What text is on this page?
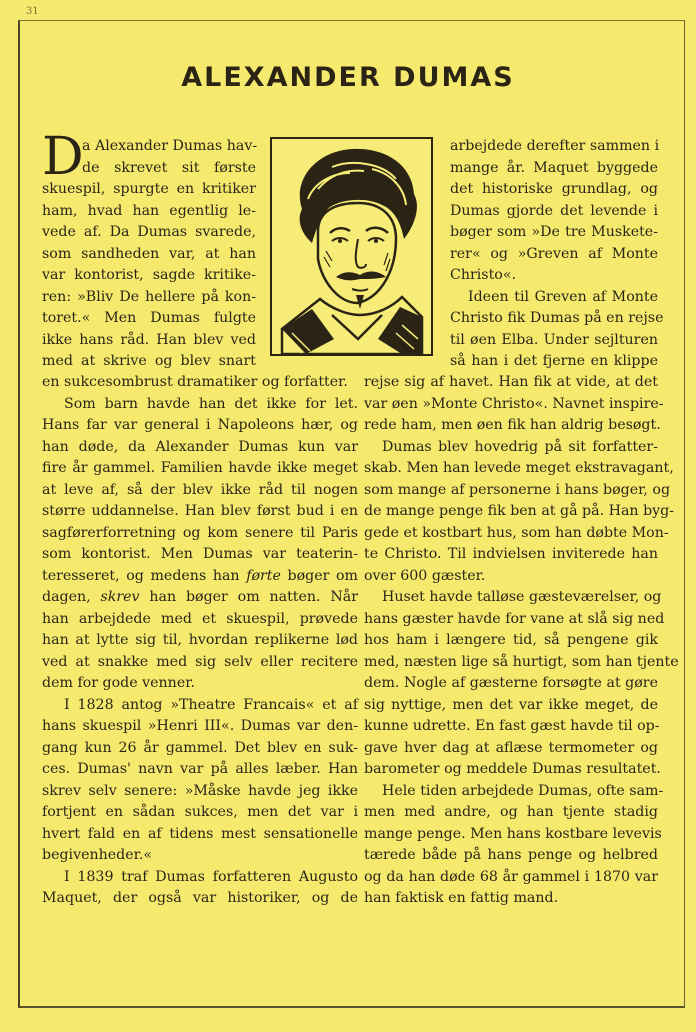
31
ALEXANDER DUMAS
D
a Alexander Dumas hav-
de skrevet sit første
skuespil, spurgte en kritiker
ham, hvad han egentlig le-
vede af. Da Dumas svarede,
som sandheden var, at han
var kontorist, sagde kritike-
ren: »Bliv De hellere på kon-
toret.« Men Dumas fulgte
ikke hans råd. Han blev ved
med at skrive og blev snart
en sukcesombrust dramatiker og forfatter.
Som barn havde han det ikke for let.
Hans far var general i Napoleons hær, og
han døde, da Alexander Dumas kun var
fire år gammel. Familien havde ikke meget
at leve af, så der blev ikke råd til nogen
større uddannelse. Han blev først bud i en
sagførerforretning og kom senere til Paris
som kontorist. Men Dumas var teaterin-
teresseret, og medens han førte bøger om
dagen, skrev han bøger om natten. Når
han arbejdede med et skuespil, prøvede
han at lytte sig til, hvordan replikerne lød
ved at snakke med sig selv eller recitere
dem for gode venner.
I 1828 antog »Theatre Francais« et af
hans skuespil »Henri III«. Dumas var den-
gang kun 26 år gammel. Det blev en suk-
ces. Dumas' navn var på alles læber. Han
skrev selv senere: »Måske havde jeg ikke
fortjent en sådan sukces, men det var i
hvert fald en af tidens mest sensationelle
begivenheder.«
I 1839 traf Dumas forfatteren Augusto
Maquet, der også var historiker, og de
arbejdede derefter sammen i
mange år. Maquet byggede
det historiske grundlag, og
Dumas gjorde det levende i
bøger som »De tre Muskete-
rer« og »Greven af Monte
Christo«.
Ideen til Greven af Monte
Christo fik Dumas på en rejse
til øen Elba. Under sejlturen
så han i det fjerne en klippe
rejse sig af havet. Han fik at vide, at det
var øen »Monte Christo«. Navnet inspire-
rede ham, men øen fik han aldrig besøgt.
Dumas blev hovedrig på sit forfatter-
skab. Men han levede meget ekstravagant,
som mange af personerne i hans bøger, og
de mange penge fik ben at gå på. Han byg-
gede et kostbart hus, som han døbte Mon-
te Christo. Til indvielsen inviterede han
over 600 gæster.
Huset havde talløse gæsteværelser, og
hans gæster havde for vane at slå sig ned
hos ham i længere tid, så pengene gik
med, næsten lige så hurtigt, som han tjente
dem. Nogle af gæsterne forsøgte at gøre
sig nyttige, men det var ikke meget, de
kunne udrette. En fast gæst havde til op-
gave hver dag at aflæse termometer og
barometer og meddele Dumas resultatet.
Hele tiden arbejdede Dumas, ofte sam-
men med andre, og han tjente stadig
mange penge. Men hans kostbare levevis
tærede både på hans penge og helbred
og da han døde 68 år gammel i 1870 var
han faktisk en fattig mand.
